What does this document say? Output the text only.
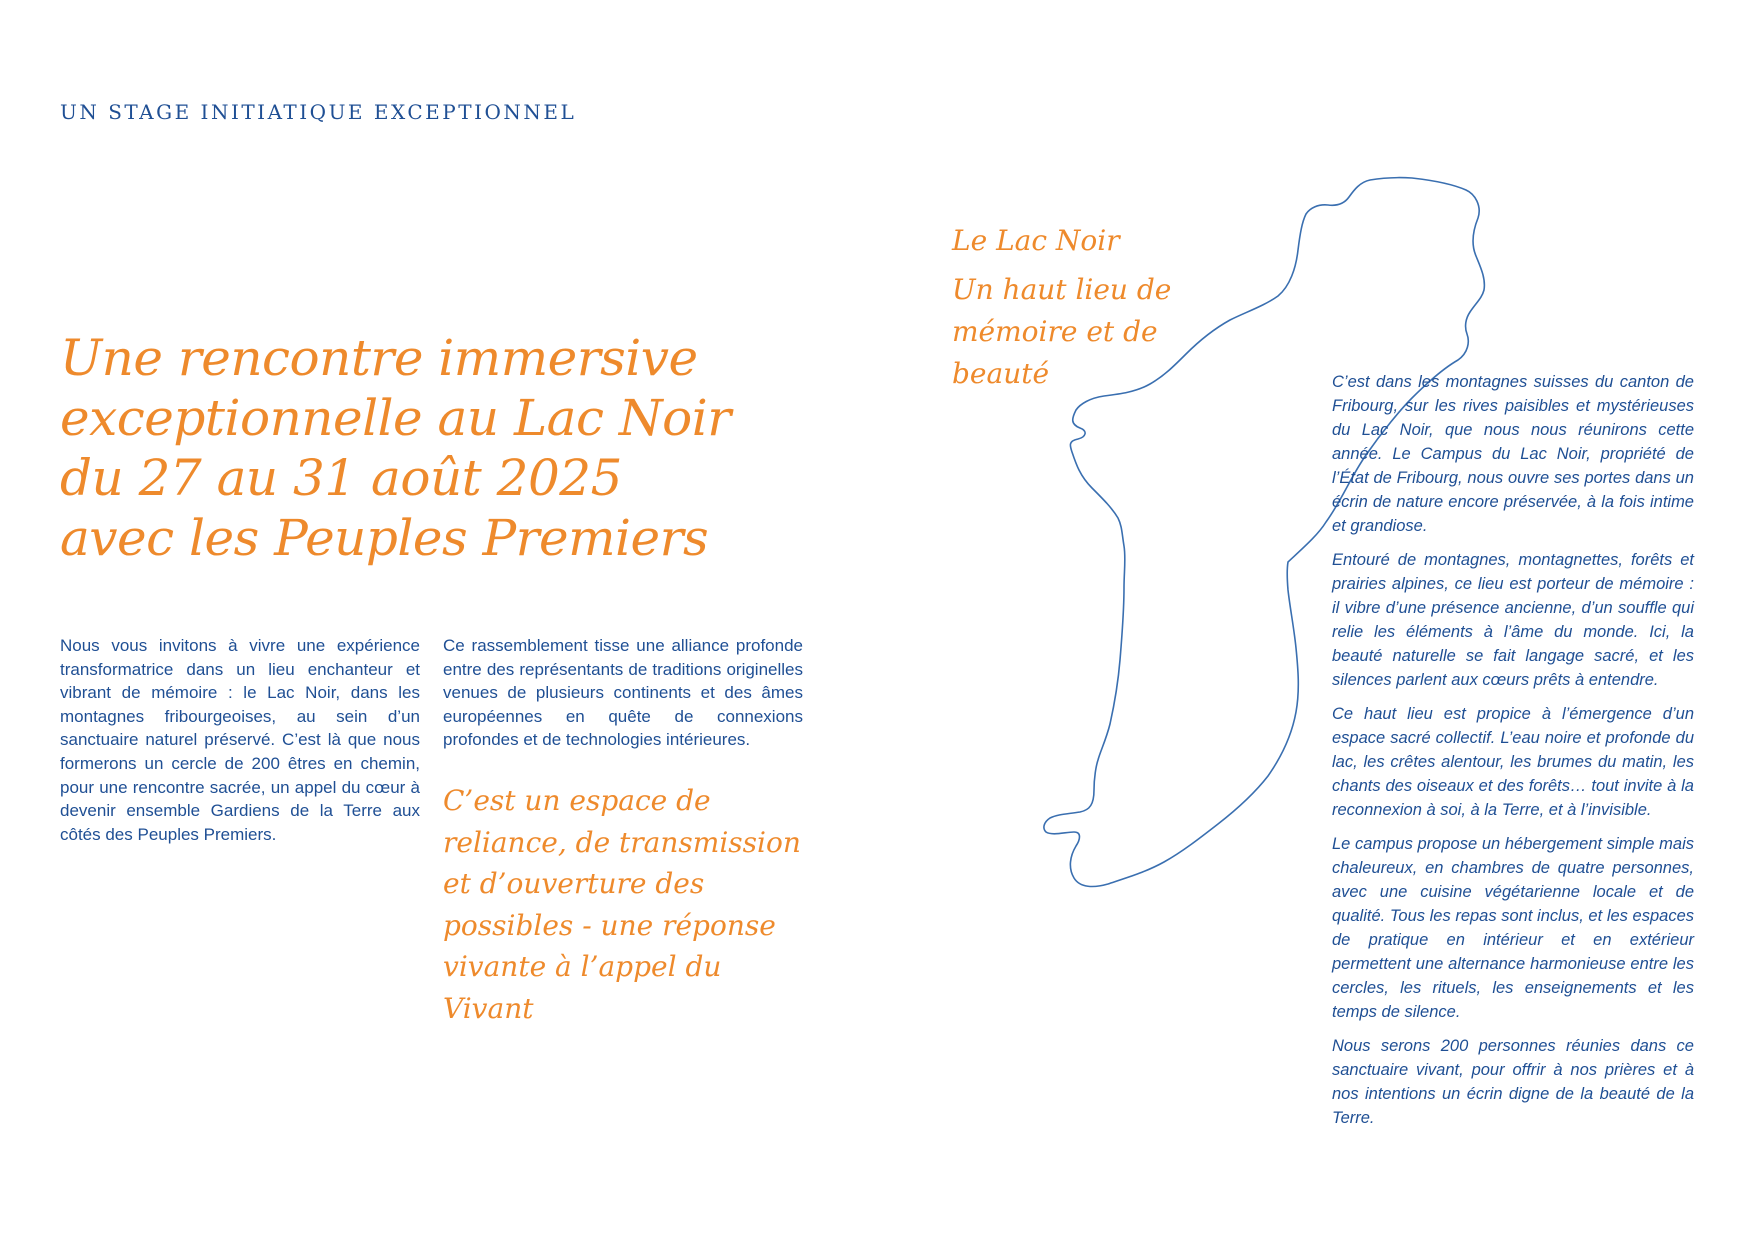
UN STAGE INITIATIQUE EXCEPTIONNEL
Une rencontre immersive
exceptionnelle au Lac Noir
du 27 au 31 août 2025
avec les Peuples Premiers

Nous vous invitons à vivre une expérience transformatrice dans un lieu enchanteur et vibrant de mémoire : le Lac Noir, dans les montagnes fribourgeoises, au sein d’un sanctuaire naturel préservé. C’est là que nous formerons un cercle de 200 êtres en chemin, pour une rencontre sacrée, un appel du cœur à devenir ensemble Gardiens de la Terre aux côtés des Peuples Premiers.

Ce rassemblement tisse une alliance profonde entre des représentants de traditions originelles venues de plusieurs continents et des âmes européennes en quête de connexions profondes et de technologies intérieures.

C’est un espace de
reliance, de transmission
et d’ouverture des
possibles - une réponse
vivante à l’appel du
Vivant
Le Lac Noir
Un haut lieu de
mémoire et de
beauté	C’est dans les montagnes suisses du canton de Fribourg, sur les rives paisibles et mystérieuses du Lac Noir, que nous nous réunirons cette année. Le Campus du Lac Noir, propriété de l’État de Fribourg, nous ouvre ses portes dans un écrin de nature encore préservée, à la fois intime et grandiose.

Entouré de montagnes, montagnettes, forêts et prairies alpines, ce lieu est porteur de mémoire : il vibre d’une présence ancienne, d’un souffle qui relie les éléments à l’âme du monde. Ici, la beauté naturelle se fait langage sacré, et les silences parlent aux cœurs prêts à entendre.

Ce haut lieu est propice à l’émergence d’un espace sacré collectif. L’eau noire et profonde du lac, les crêtes alentour, les brumes du matin, les chants des oiseaux et des forêts… tout invite à la reconnexion à soi, à la Terre, et à l’invisible.

Le campus propose un hébergement simple mais chaleureux, en chambres de quatre personnes, avec une cuisine végétarienne locale et de qualité. Tous les repas sont inclus, et les espaces de pratique en intérieur et en extérieur permettent une alternance harmonieuse entre les cercles, les rituels, les enseignements et les temps de silence.

Nous serons 200 personnes réunies dans ce sanctuaire vivant, pour offrir à nos prières et à nos intentions un écrin digne de la beauté de la Terre.
